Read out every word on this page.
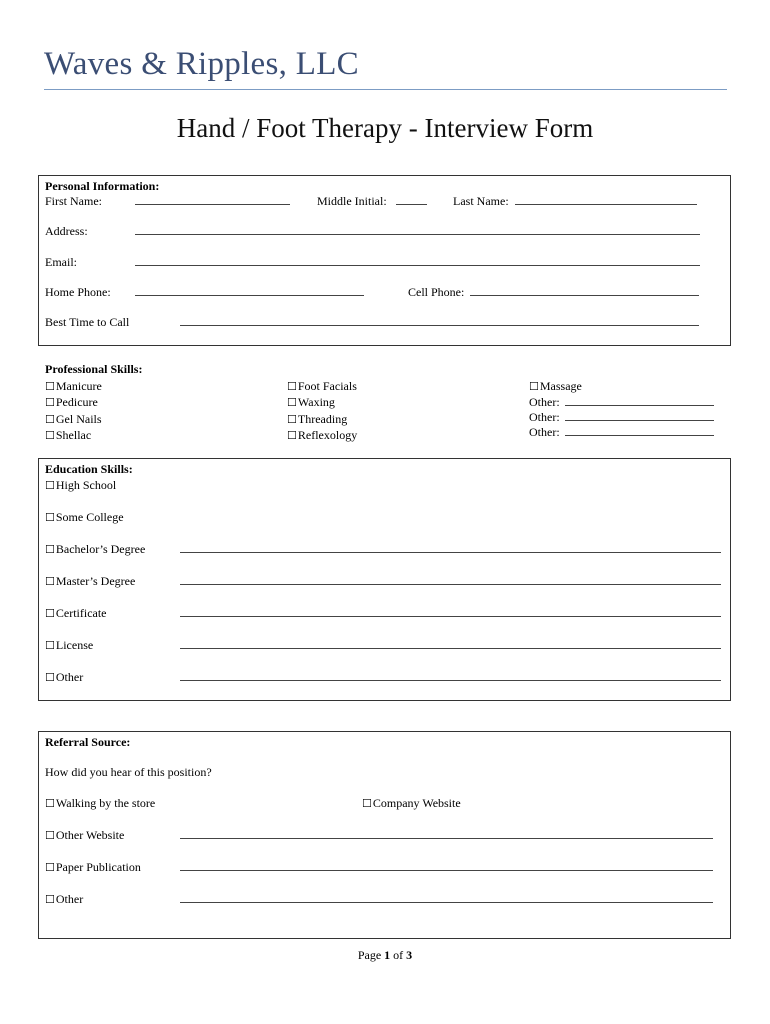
Waves & Ripples, LLC
Hand / Foot Therapy - Interview Form
Personal Information:
First Name:	Middle Initial:	Last Name:
Address:
Email:
Home Phone:	Cell Phone:
Best Time to Call
Professional Skills:
☐Manicure
☐Pedicure
☐Gel Nails
☐Shellac
☐Foot Facials
☐Waxing
☐Threading
☐Reflexology
☐Massage
Other:
Other:
Other:
Education Skills:
☐High School
☐Some College
☐Bachelor’s Degree
☐Master’s Degree
☐Certificate
☐License
☐Other
Referral Source:
How did you hear of this position?
☐Walking by the store	☐Company Website
☐Other Website
☐Paper Publication
☐Other
Page 1 of 3
